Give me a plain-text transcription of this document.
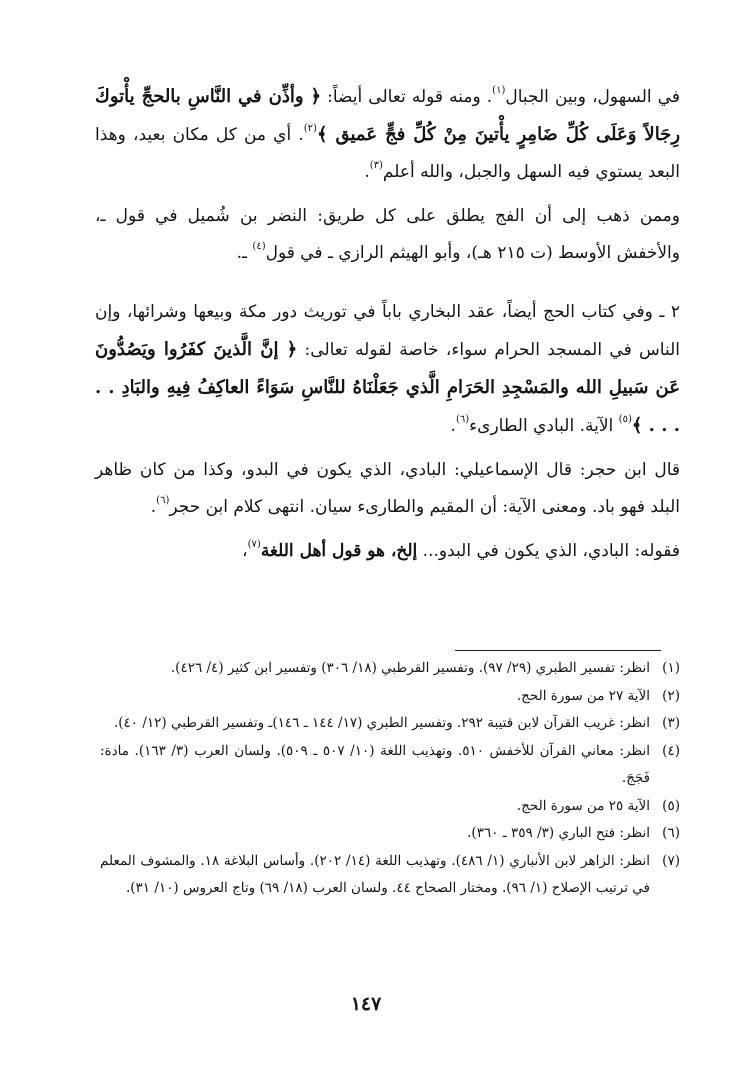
في السهول، وبين الجبال$^{(١)}$. ومنه قوله تعالى أيضاً: ﴿ وأذِّن في النَّاسِ بالحجِّ يأْتوكَ رِجَالاً وَعَلَى كُلِّ ضَامِرٍ يأْتينَ مِنْ كُلِّ فجٍّ عَميق ﴾$^{(٢)}$. أي من كل مكان بعيد، وهذا البعد يستوي فيه السهل والجبل، والله أعلم$^{(٣)}$.

وممن ذهب إلى أن الفج يطلق على كل طريق: النضر بن شُميل في قول ـ، والأخفش الأوسط (ت ٢١٥ هـ)، وأبو الهيثم الرازي ـ في قول$^{(٤)}$ ـ.

٢ ـ وفي كتاب الحج أيضاً، عقد البخاري باباً في توريث دور مكة وبيعها وشرائها، وإن الناس في المسجد الحرام سواء، خاصة لقوله تعالى: ﴿ إنَّ الَّذينَ كفَرُوا ويَصُدُّونَ عَن سَبيلِ الله والمَسْجِدِ الحَرَامِ الَّذي جَعَلْنَاهُ للنَّاسِ سَوَاءً العاكِفُ فِيهِ والبَادِ . . . . . ﴾$^{(٥)}$ الآية. البادي الطارىء$^{(٦)}$.

قال ابن حجر: قال الإسماعيلي: البادي، الذي يكون في البدو، وكذا من كان ظاهر البلد فهو باد. ومعنى الآية: أن المقيم والطارىء سيان. انتهى كلام ابن حجر$^{(٦)}$.

فقوله: البادي، الذي يكون في البدو... إلخ، هو قول أهل اللغة$^{(٧)}$،

(١)
انظر: تفسير الطبري (٢٩/ ٩٧). وتفسير القرطبي (١٨/ ٣٠٦) وتفسير ابن كثير (٤/ ٤٢٦).
(٢)
الآية ٢٧ من سورة الحج.
(٣)
انظر: غريب القرآن لابن قتيبة ٢٩٢. وتفسير الطبري (١٧/ ١٤٤ ـ ١٤٦)ـ وتفسير القرطبي (١٢/ ٤٠).
(٤)
انظر: معاني القرآن للأخفش ٥١٠. وتهذيب اللغة (١٠/ ٥٠٧ ـ ٥٠٩). ولسان العرب (٣/ ١٦٣). مادة: فَجَجَ.
(٥)
الآية ٢٥ من سورة الحج.
(٦)
انظر: فتح الباري (٣/ ٣٥٩ ـ ٣٦٠).
(٧)
انظر: الزاهر لابن الأنباري (١/ ٤٨٦). وتهذيب اللغة (١٤/ ٢٠٢). وأساس البلاغة ١٨. والمشوف المعلم في ترتيب الإصلاح (١/ ٩٦). ومختار الصحاح ٤٤. ولسان العرب (١٨/ ٦٩) وتاج العروس (١٠/ ٣١).
١٤٧
